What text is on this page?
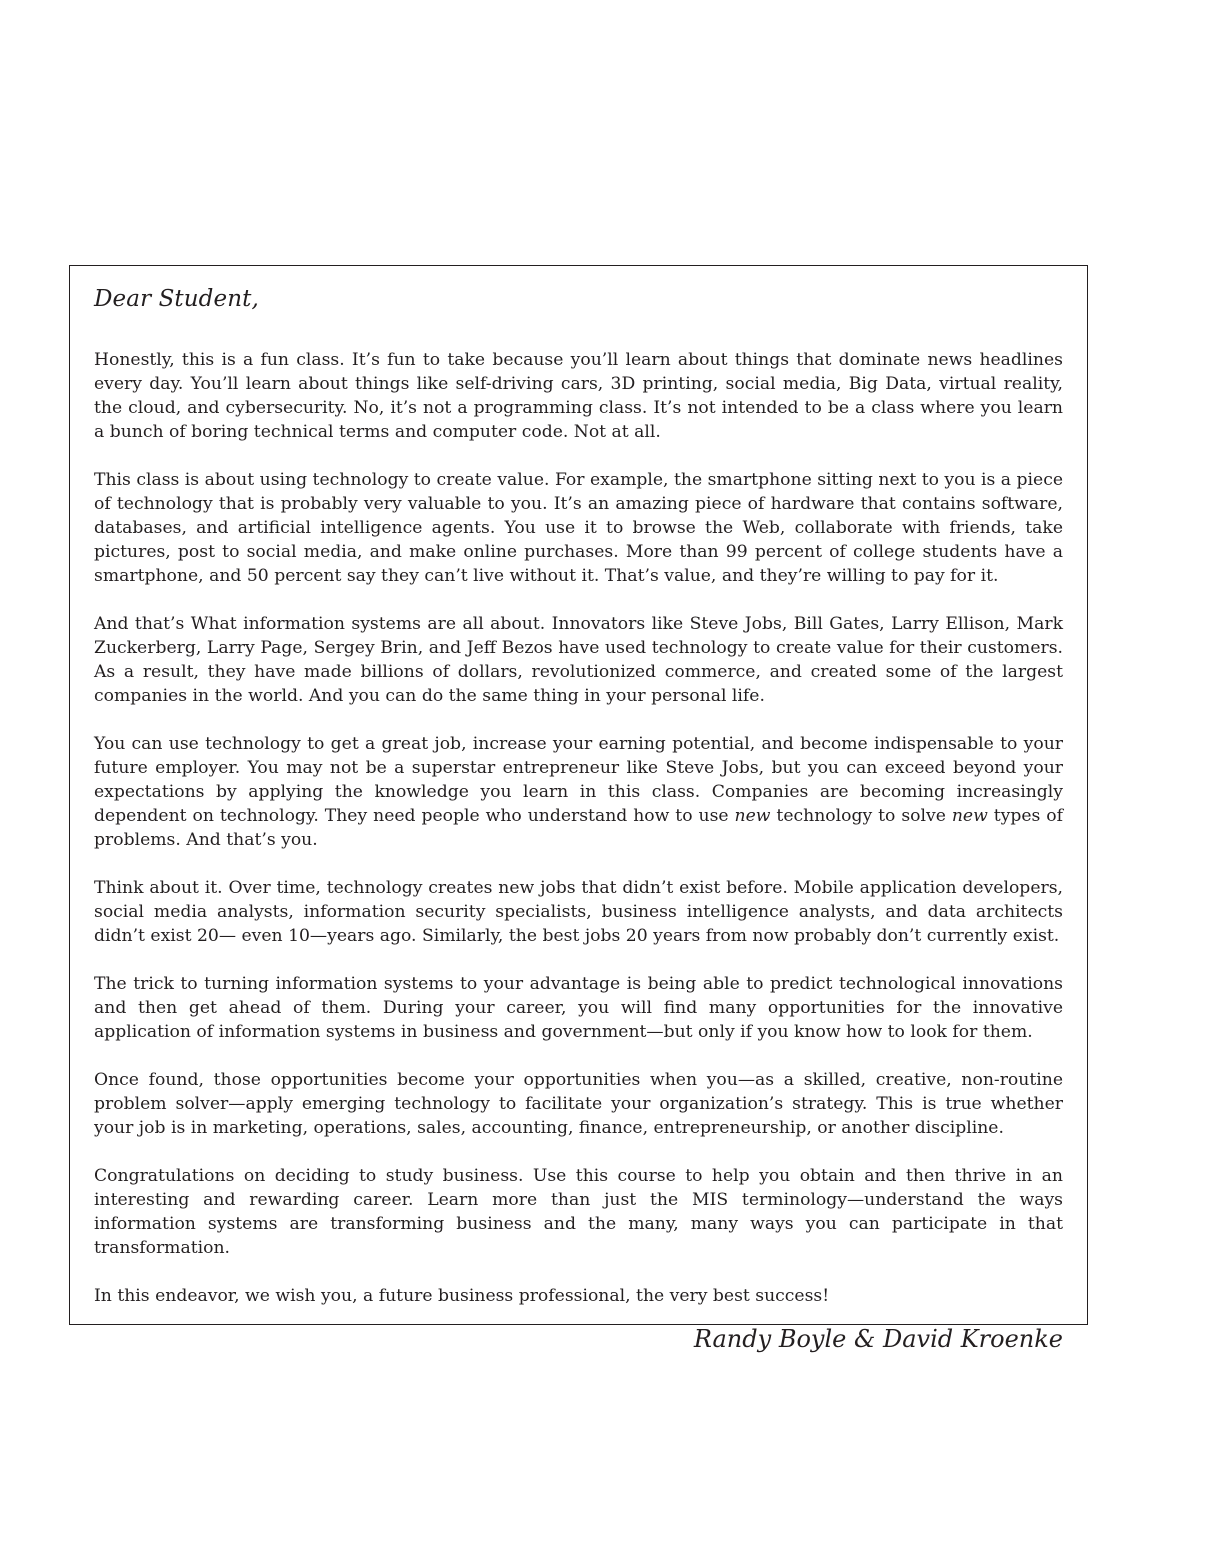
Dear Student,

Honestly, this is a fun class. It’s fun to take because you’ll learn about things that dominate news headlines every day. You’ll learn about things like self-driving cars, 3D printing, social media, Big Data, virtual reality, the cloud, and cybersecurity. No, it’s not a programming class. It’s not intended to be a class where you learn a bunch of boring technical terms and computer code. Not at all.

This class is about using technology to create value. For example, the smartphone sitting next to you is a piece of technology that is probably very valuable to you. It’s an amazing piece of hardware that contains software, databases, and artificial intelligence agents. You use it to browse the Web, collaborate with friends, take pictures, post to social media, and make online purchases. More than 99 percent of college students have a smartphone, and 50 percent say they can’t live without it. That’s value, and they’re willing to pay for it.

And that’s What information systems are all about. Innovators like Steve Jobs, Bill Gates, Larry Ellison, Mark Zuckerberg, Larry Page, Sergey Brin, and Jeff Bezos have used technology to create value for their customers. As a result, they have made billions of dollars, revolutionized commerce, and created some of the largest companies in the world. And you can do the same thing in your personal life.

You can use technology to get a great job, increase your earning potential, and become indispensable to your future employer. You may not be a superstar entrepreneur like Steve Jobs, but you can exceed beyond your expectations by applying the knowledge you learn in this class. Companies are becoming increasingly dependent on technology. They need people who understand how to use new technology to solve new types of problems. And that’s you.

Think about it. Over time, technology creates new jobs that didn’t exist before. Mobile application developers, social media analysts, information security specialists, business intelligence analysts, and data architects didn’t exist 20— even 10—years ago. Similarly, the best jobs 20 years from now probably don’t currently exist.

The trick to turning information systems to your advantage is being able to predict technological innovations and then get ahead of them. During your career, you will find many opportunities for the innovative application of information systems in business and government—but only if you know how to look for them.

Once found, those opportunities become your opportunities when you—as a skilled, creative, non-routine problem solver—apply emerging technology to facilitate your organization’s strategy. This is true whether your job is in marketing, operations, sales, accounting, finance, entrepreneurship, or another discipline.

Congratulations on deciding to study business. Use this course to help you obtain and then thrive in an interesting and rewarding career. Learn more than just the MIS terminology—understand the ways information systems are transforming business and the many, many ways you can participate in that transformation.

In this endeavor, we wish you, a future business professional, the very best success!

Randy Boyle & David Kroenke
